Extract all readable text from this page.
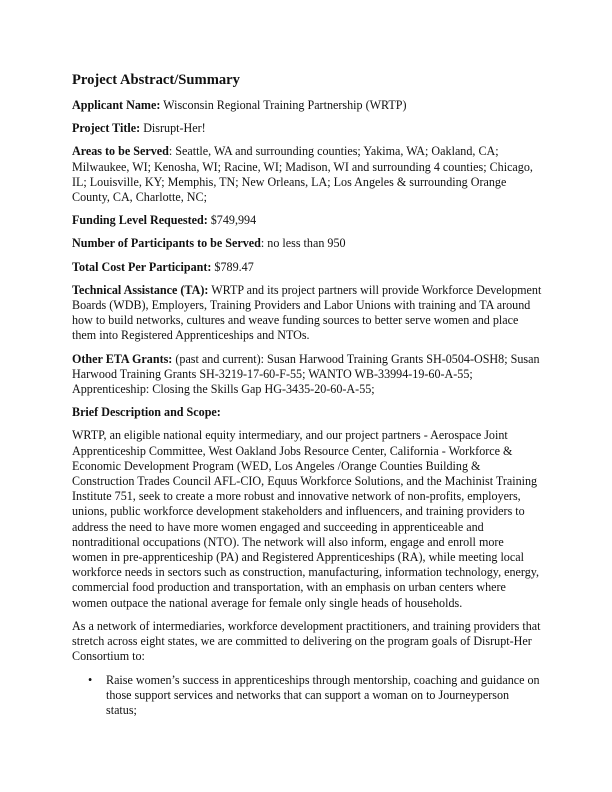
Project Abstract/Summary

Applicant Name: Wisconsin Regional Training Partnership (WRTP)

Project Title: Disrupt-Her!

Areas to be Served: Seattle, WA and surrounding counties; Yakima, WA; Oakland, CA; Milwaukee, WI; Kenosha, WI; Racine, WI; Madison, WI and surrounding 4 counties; Chicago, IL; Louisville, KY; Memphis, TN; New Orleans, LA; Los Angeles & surrounding Orange County, CA, Charlotte, NC;

Funding Level Requested: $749,994

Number of Participants to be Served: no less than 950

Total Cost Per Participant: $789.47

Technical Assistance (TA): WRTP and its project partners will provide Workforce Development Boards (WDB), Employers, Training Providers and Labor Unions with training and TA around how to build networks, cultures and weave funding sources to better serve women and place them into Registered Apprenticeships and NTOs.

Other ETA Grants: (past and current): Susan Harwood Training Grants SH-0504-OSH8; Susan Harwood Training Grants SH-3219-17-60-F-55; WANTO WB-33994-19-60-A-55; Apprenticeship: Closing the Skills Gap HG-3435-20-60-A-55;

Brief Description and Scope:

WRTP, an eligible national equity intermediary, and our project partners - Aerospace Joint Apprenticeship Committee, West Oakland Jobs Resource Center, California - Workforce & Economic Development Program (WED, Los Angeles /Orange Counties Building & Construction Trades Council AFL-CIO, Equus Workforce Solutions, and the Machinist Training Institute 751, seek to create a more robust and innovative network of non-profits, employers, unions, public workforce development stakeholders and influencers, and training providers to address the need to have more women engaged and succeeding in apprenticeable and nontraditional occupations (NTO). The network will also inform, engage and enroll more women in pre-apprenticeship (PA) and Registered Apprenticeships (RA), while meeting local workforce needs in sectors such as construction, manufacturing, information technology, energy, commercial food production and transportation, with an emphasis on urban centers where women outpace the national average for female only single heads of households.

As a network of intermediaries, workforce development practitioners, and training providers that stretch across eight states, we are committed to delivering on the program goals of Disrupt-Her Consortium to:

• Raise women’s success in apprenticeships through mentorship, coaching and guidance on those support services and networks that can support a woman on to Journeyperson status;
